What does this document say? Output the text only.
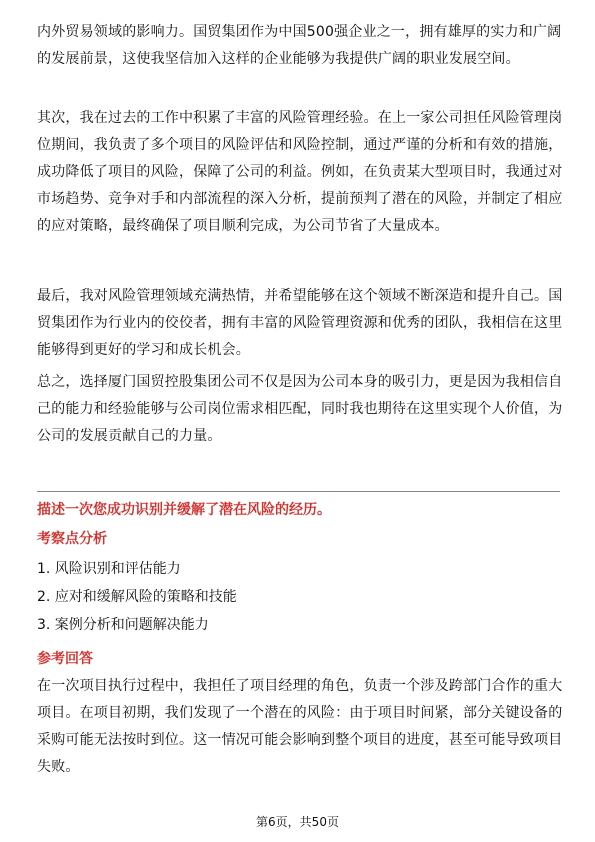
内外贸易领域的影响力。国贸集团作为中国500强企业之一，拥有雄厚的实力和广阔的发展前景，这使我坚信加入这样的企业能够为我提供广阔的职业发展空间。

其次，我在过去的工作中积累了丰富的风险管理经验。在上一家公司担任风险管理岗位期间，我负责了多个项目的风险评估和风险控制，通过严谨的分析和有效的措施，成功降低了项目的风险，保障了公司的利益。例如，在负责某大型项目时，我通过对市场趋势、竞争对手和内部流程的深入分析，提前预判了潜在的风险，并制定了相应的应对策略，最终确保了项目顺利完成，为公司节省了大量成本。

最后，我对风险管理领域充满热情，并希望能够在这个领域不断深造和提升自己。国贸集团作为行业内的佼佼者，拥有丰富的风险管理资源和优秀的团队，我相信在这里能够得到更好的学习和成长机会。

总之，选择厦门国贸控股集团公司不仅是因为公司本身的吸引力，更是因为我相信自己的能力和经验能够与公司岗位需求相匹配，同时我也期待在这里实现个人价值，为公司的发展贡献自己的力量。

描述一次您成功识别并缓解了潜在风险的经历。

考察点分析

1. 风险识别和评估能力
2. 应对和缓解风险的策略和技能
3. 案例分析和问题解决能力

参考回答

在一次项目执行过程中，我担任了项目经理的角色，负责一个涉及跨部门合作的重大项目。在项目初期，我们发现了一个潜在的风险：由于项目时间紧，部分关键设备的采购可能无法按时到位。这一情况可能会影响到整个项目的进度，甚至可能导致项目失败。

第6页，共50页
